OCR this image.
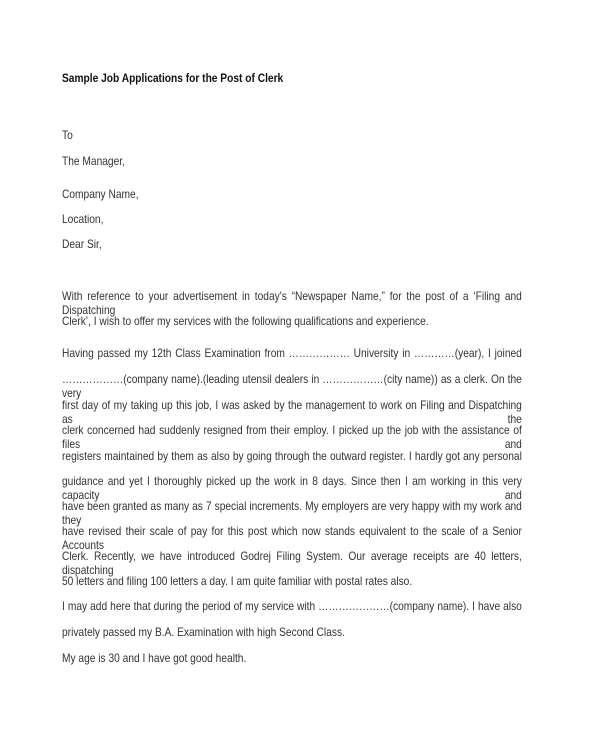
Sample Job Applications for the Post of Clerk
To
The Manager,
Company Name,
Location,
Dear Sir,
With reference to your advertisement in today's “Newspaper Name,” for the post of a ‘Filing and Dispatching
Clerk’, I wish to offer my services with the following qualifications and experience.
Having passed my 12th Class Examination from ……………… University in …………(year), I joined
………………(company name).(leading utensil dealers in ………………(city name)) as a clerk. On the very
first day of my taking up this job, I was asked by the management to work on Filing and Dispatching as the
clerk concerned had suddenly resigned from their employ. I picked up the job with the assistance of files and
registers maintained by them as also by going through the outward register. I hardly got any personal
guidance and yet I thoroughly picked up the work in 8 days. Since then I am working in this very capacity and
have been granted as many as 7 special increments. My employers are very happy with my work and they
have revised their scale of pay for this post which now stands equivalent to the scale of a Senior Accounts
Clerk. Recently, we have introduced Godrej Filing System. Our average receipts are 40 letters, dispatching
50 letters and filing 100 letters a day. I am quite familiar with postal rates also.
I may add here that during the period of my service with …………………(company name). I have also
privately passed my B.A. Examination with high Second Class.
My age is 30 and I have got good health.
